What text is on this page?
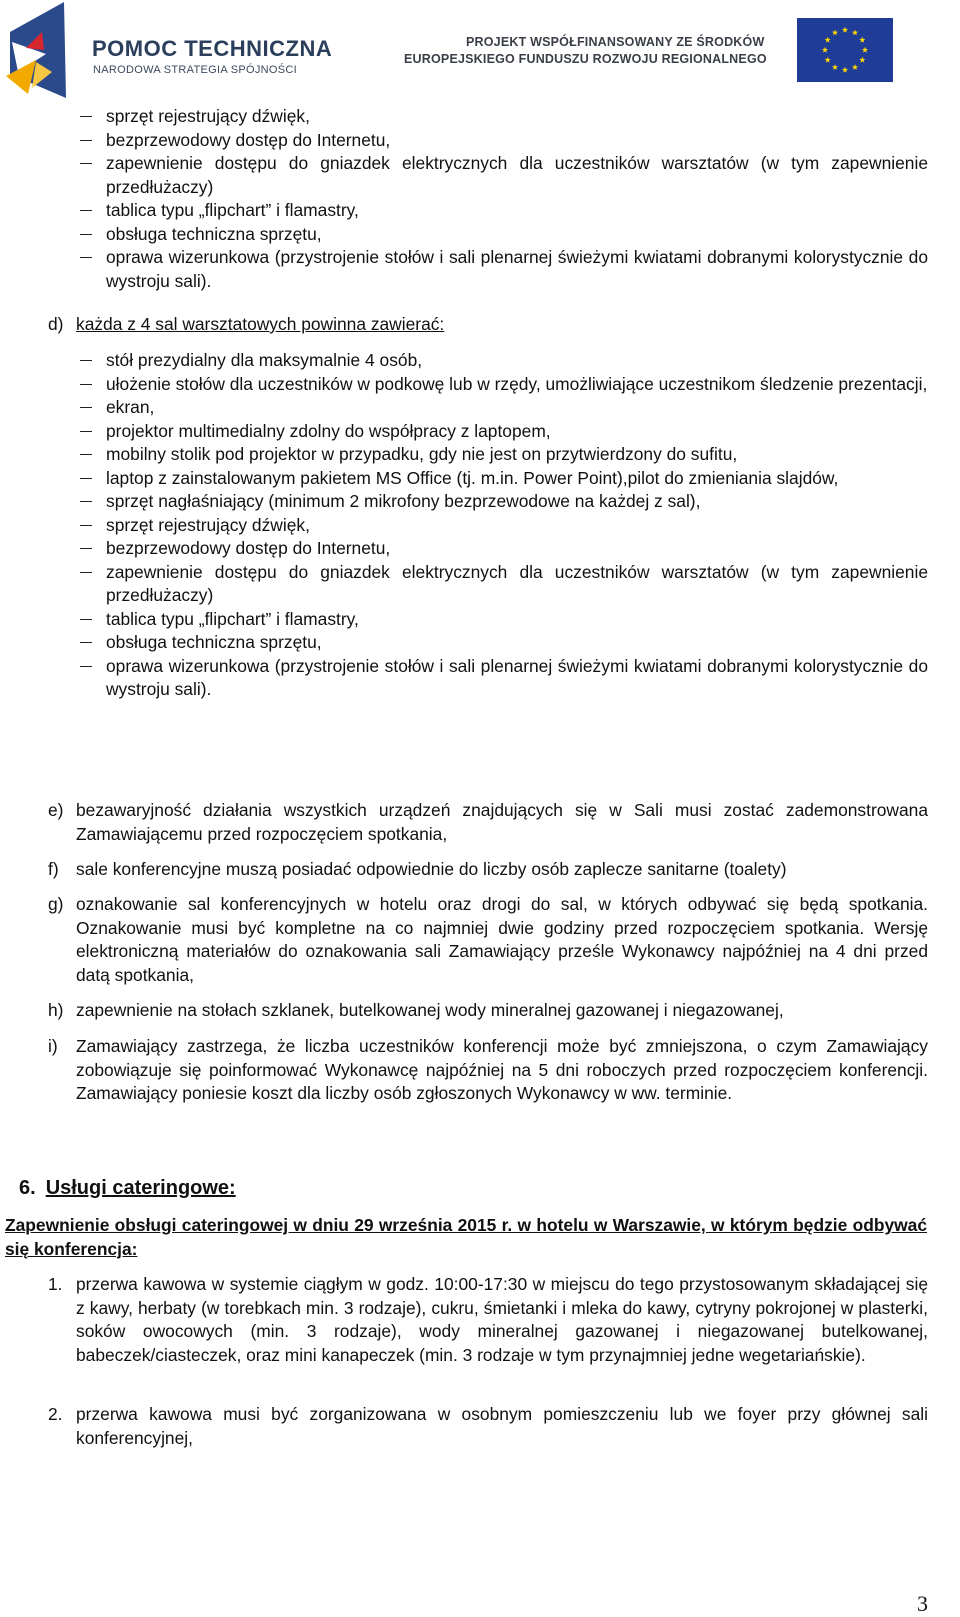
POMOC TECHNICZNA
NARODOWA STRATEGIA SPÓJNOŚCI
PROJEKT WSPÓŁFINANSOWANY ZE ŚRODKÓW
EUROPEJSKIEGO FUNDUSZU ROZWOJU REGIONALNEGO
sprzęt rejestrujący dźwięk,
bezprzewodowy dostęp do Internetu,
zapewnienie dostępu do gniazdek elektrycznych dla uczestników warsztatów (w tym zapewnienie przedłużaczy)
tablica typu „flipchart” i flamastry,
obsługa techniczna sprzętu,
oprawa wizerunkowa (przystrojenie stołów i sali plenarnej świeżymi kwiatami dobranymi kolorystycznie do wystroju sali).
d) każda z 4 sal warsztatowych powinna zawierać:
stół prezydialny dla maksymalnie 4 osób,
ułożenie stołów dla uczestników w podkowę lub w rzędy, umożliwiające uczestnikom śledzenie prezentacji,
ekran,
projektor multimedialny zdolny do współpracy z laptopem,
mobilny stolik pod projektor w przypadku, gdy nie jest on przytwierdzony do sufitu,
laptop z zainstalowanym pakietem MS Office (tj. m.in. Power Point),pilot do zmieniania slajdów,
sprzęt nagłaśniający (minimum 2 mikrofony bezprzewodowe na każdej z sal),
sprzęt rejestrujący dźwięk,
bezprzewodowy dostęp do Internetu,
zapewnienie dostępu do gniazdek elektrycznych dla uczestników warsztatów (w tym zapewnienie przedłużaczy)
tablica typu „flipchart” i flamastry,
obsługa techniczna sprzętu,
oprawa wizerunkowa (przystrojenie stołów i sali plenarnej świeżymi kwiatami dobranymi kolorystycznie do wystroju sali).
e) bezawaryjność działania wszystkich urządzeń znajdujących się w Sali musi zostać zademonstrowana Zamawiającemu przed rozpoczęciem spotkania,
f) sale konferencyjne muszą posiadać odpowiednie do liczby osób zaplecze sanitarne (toalety)
g) oznakowanie sal konferencyjnych w hotelu oraz drogi do sal, w których odbywać się będą spotkania. Oznakowanie musi być kompletne na co najmniej dwie godziny przed rozpoczęciem spotkania. Wersję elektroniczną materiałów do oznakowania sali Zamawiający prześle Wykonawcy najpóźniej na 4 dni przed datą spotkania,
h) zapewnienie na stołach szklanek, butelkowanej wody mineralnej gazowanej i niegazowanej,
i) Zamawiający zastrzega, że liczba uczestników konferencji może być zmniejszona, o czym Zamawiający zobowiązuje się poinformować Wykonawcę najpóźniej na 5 dni roboczych przed rozpoczęciem konferencji. Zamawiający poniesie koszt dla liczby osób zgłoszonych Wykonawcy w ww. terminie.
6. Usługi cateringowe:
Zapewnienie obsługi cateringowej w dniu 29 września 2015 r. w hotelu w Warszawie, w którym będzie odbywać się konferencja:
1. przerwa kawowa w systemie ciągłym w godz. 10:00-17:30 w miejscu do tego przystosowanym składającej się z kawy, herbaty (w torebkach min. 3 rodzaje), cukru, śmietanki i mleka do kawy, cytryny pokrojonej w plasterki, soków owocowych (min. 3 rodzaje), wody mineralnej gazowanej i niegazowanej butelkowanej, babeczek/ciasteczek, oraz mini kanapeczek (min. 3 rodzaje w tym przynajmniej jedne wegetariańskie).
2. przerwa kawowa musi być zorganizowana w osobnym pomieszczeniu lub we foyer przy głównej sali konferencyjnej,
3
